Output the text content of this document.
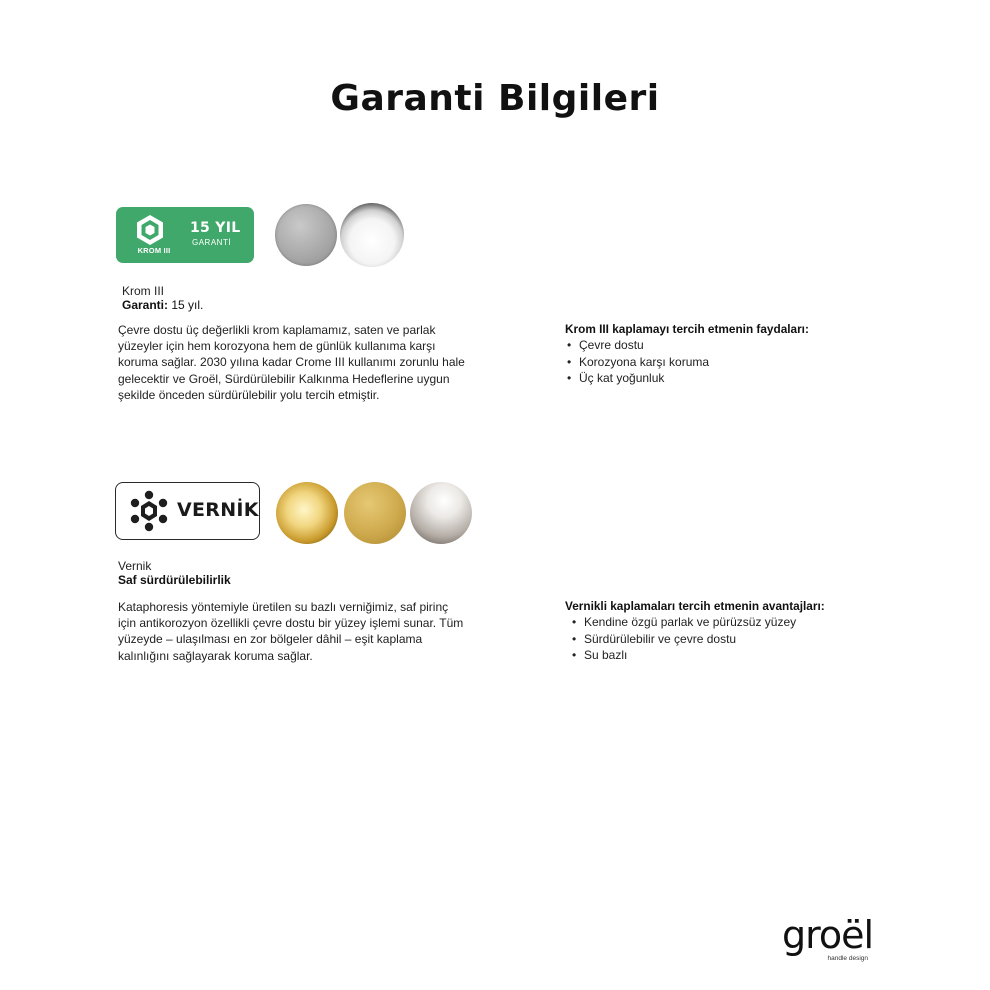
Garanti Bilgileri
KROM III
15 YIL
GARANTİ
Krom III
Garanti: 15 yıl.
Çevre dostu üç değerlikli krom kaplamamız, saten ve parlak
yüzeyler için hem korozyona hem de günlük kullanıma karşı
koruma sağlar. 2030 yılına kadar Crome III kullanımı zorunlu hale
gelecektir ve Groël, Sürdürülebilir Kalkınma Hedeflerine uygun
şekilde önceden sürdürülebilir yolu tercih etmiştir.
Krom III kaplamayı tercih etmenin faydaları:
• Çevre dostu
• Korozyona karşı koruma
• Üç kat yoğunluk
VERNİK
Vernik
Saf sürdürülebilirlik
Kataphoresis yöntemiyle üretilen su bazlı verniğimiz, saf pirinç
için antikorozyon özellikli çevre dostu bir yüzey işlemi sunar. Tüm
yüzeyde – ulaşılması en zor bölgeler dâhil – eşit kaplama
kalınlığını sağlayarak koruma sağlar.
Vernikli kaplamaları tercih etmenin avantajları:
• Kendine özgü parlak ve pürüzsüz yüzey
• Sürdürülebilir ve çevre dostu
• Su bazlı
groël
handle design
